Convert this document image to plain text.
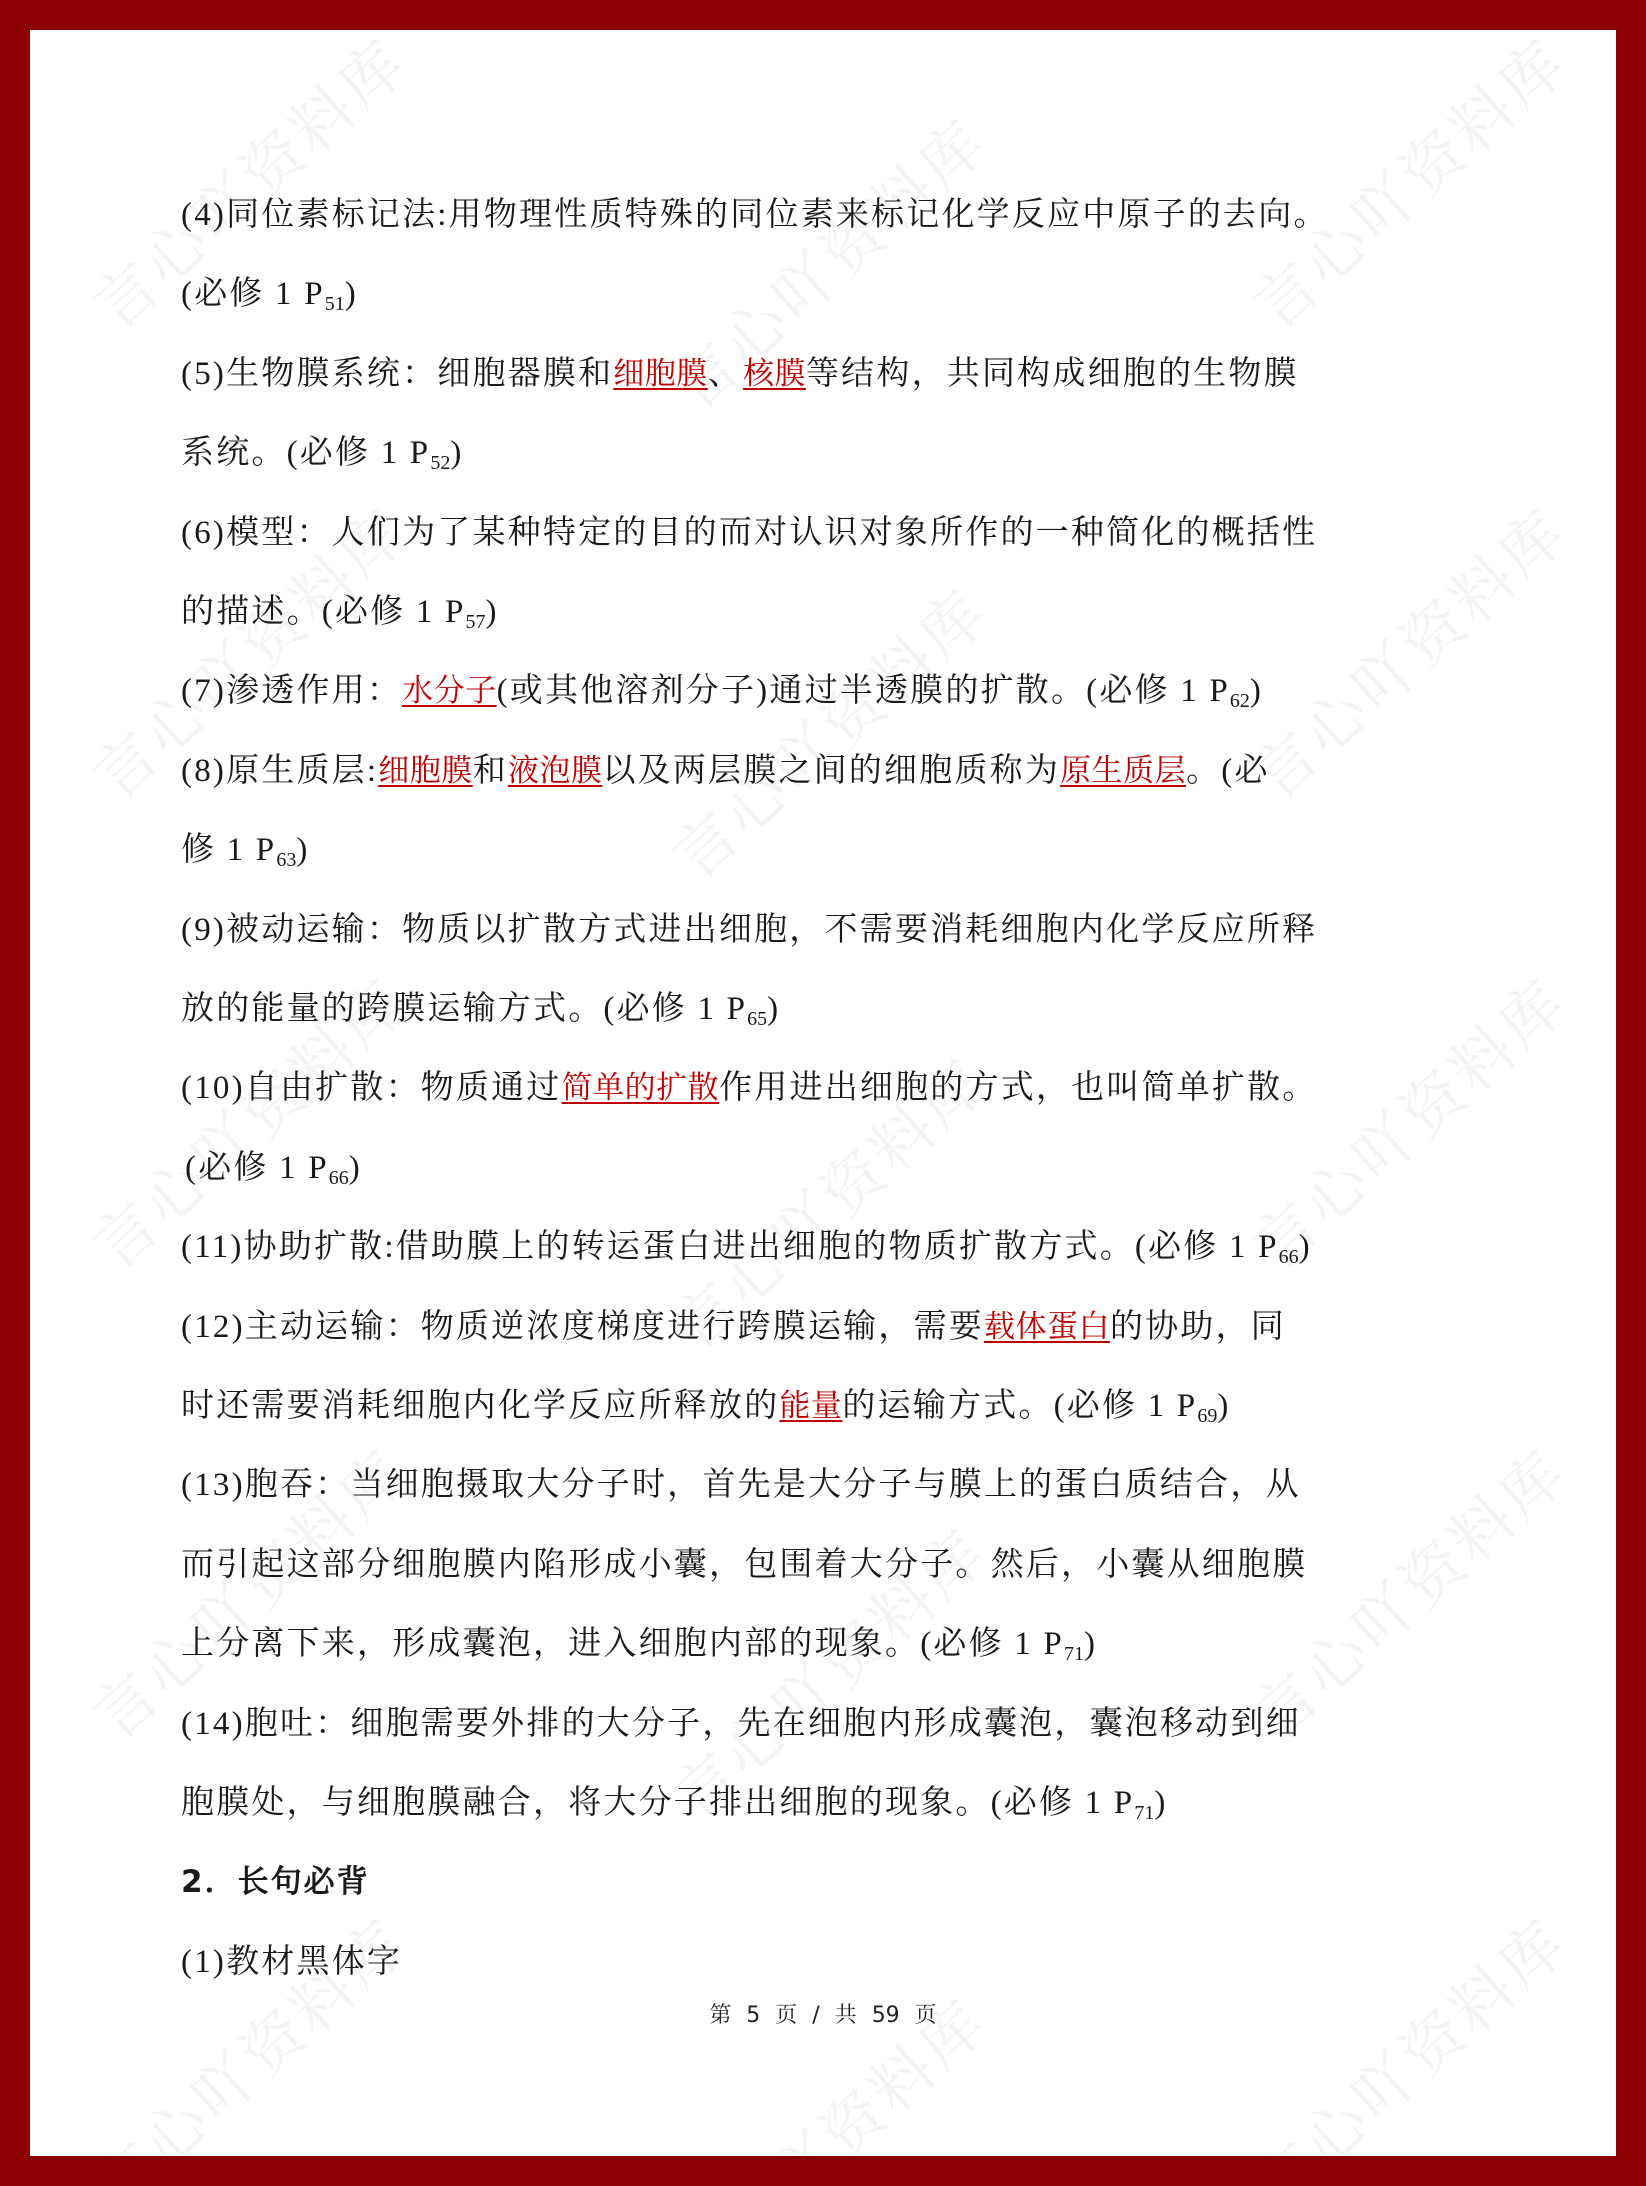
(4)同位素标记法:用物理性质特殊的同位素来标记化学反应中原子的去向。
(必修 1 $P_{51}$)
(5)生物膜系统：细胞器膜和细胞膜、核膜等结构，共同构成细胞的生物膜
系统。(必修 1 $P_{52}$)
(6)模型：人们为了某种特定的目的而对认识对象所作的一种简化的概括性
的描述。(必修 1 $P_{57}$)
(7)渗透作用：水分子(或其他溶剂分子)通过半透膜的扩散。(必修 1 $P_{62}$)
(8)原生质层:细胞膜和液泡膜以及两层膜之间的细胞质称为原生质层。(必
修 1 $P_{63}$)
(9)被动运输：物质以扩散方式进出细胞，不需要消耗细胞内化学反应所释
放的能量的跨膜运输方式。(必修 1 $P_{65}$)
(10)自由扩散：物质通过简单的扩散作用进出细胞的方式，也叫简单扩散。
(必修 1 $P_{66}$)
(11)协助扩散:借助膜上的转运蛋白进出细胞的物质扩散方式。(必修 1 $P_{66}$)
(12)主动运输：物质逆浓度梯度进行跨膜运输，需要载体蛋白的协助，同
时还需要消耗细胞内化学反应所释放的能量的运输方式。(必修 1 $P_{69}$)
(13)胞吞：当细胞摄取大分子时，首先是大分子与膜上的蛋白质结合，从
而引起这部分细胞膜内陷形成小囊，包围着大分子。然后，小囊从细胞膜
上分离下来，形成囊泡，进入细胞内部的现象。(必修 1 $P_{71}$)
(14)胞吐：细胞需要外排的大分子，先在细胞内形成囊泡，囊泡移动到细
胞膜处，与细胞膜融合，将大分子排出细胞的现象。(必修 1 $P_{71}$)
2．长句必背
(1)教材黑体字
第 5 页 / 共 59 页
